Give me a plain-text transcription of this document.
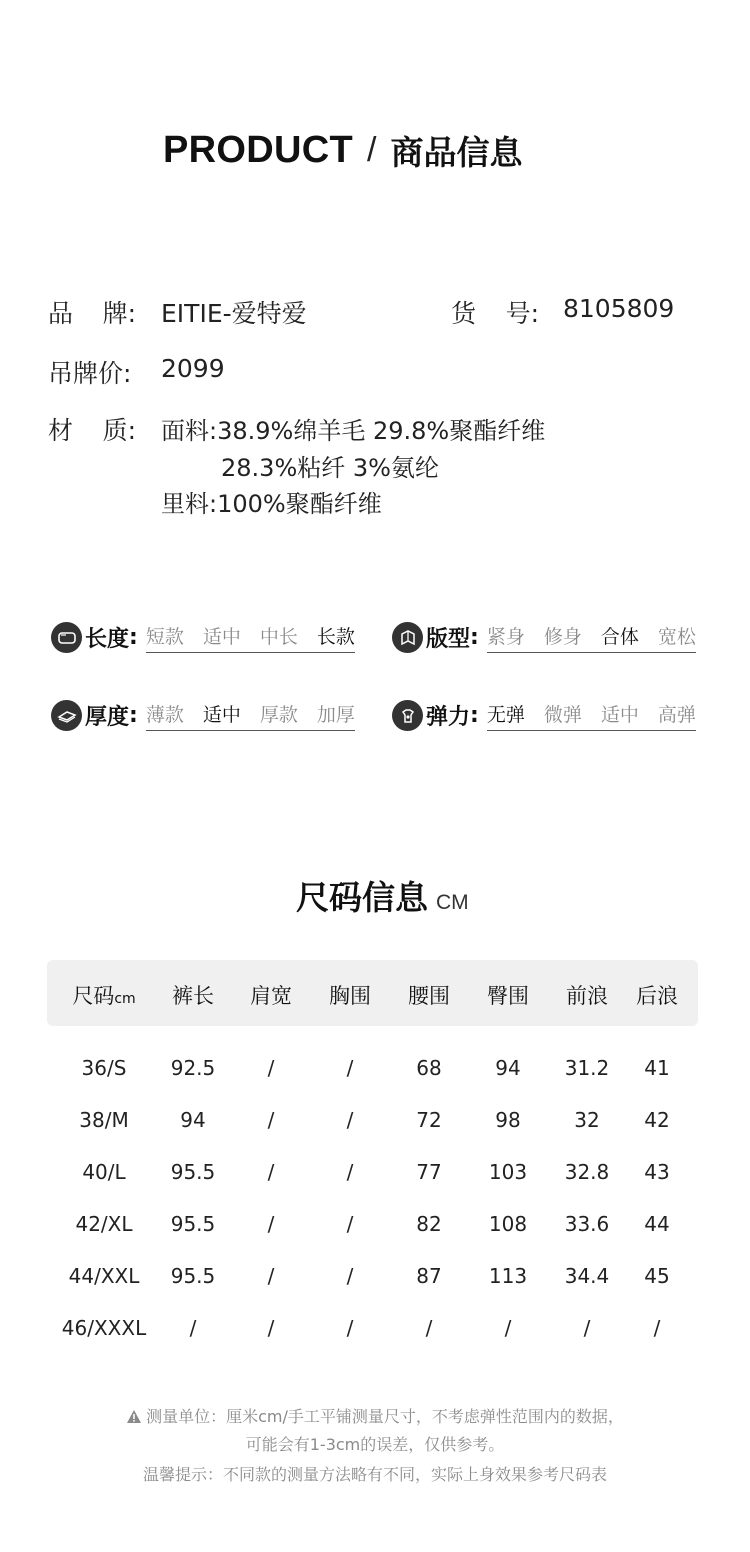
PRODUCT / 商品信息
品 牌: EITIE-爱特爱	货 号: 8105809
吊牌价: 2099
材 质: 面料:38.9%绵羊毛 29.8%聚酯纤维
28.3%粘纤 3%氨纶
里料:100%聚酯纤维
长度 : 短款 适中 中长 长款	版型 : 紧身 修身 合体 宽松
厚度 : 薄款 适中 厚款 加厚	弹力 : 无弹 微弹 适中 高弹
尺码信息 CM
尺码cm	裤长	肩宽	胸围	腰围	臀围	前浪	后浪
36/S	92.5	/	/	68	94	31.2	41
38/M	94	/	/	72	98	32	42
40/L	95.5	/	/	77	103	32.8	43
42/XL	95.5	/	/	82	108	33.6	44
44/XXL	95.5	/	/	87	113	34.4	45
46/XXXL	/	/	/	/	/	/	/
测量单位：厘米cm/手工平铺测量尺寸，不考虑弹性范围内的数据，
可能会有1-3cm的误差，仅供参考。
温馨提示：不同款的测量方法略有不同，实际上身效果参考尺码表
